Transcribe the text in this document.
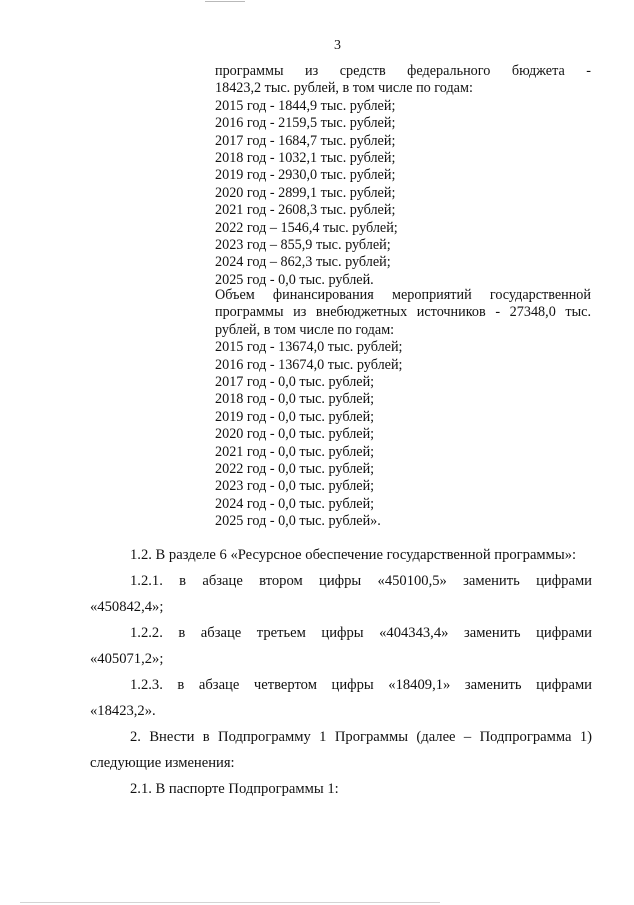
3
программы из средств федерального бюджета -
18423,2 тыс. рублей, в том числе по годам:
2015 год - 1844,9 тыс. рублей;
2016 год - 2159,5 тыс. рублей;
2017 год - 1684,7 тыс. рублей;
2018 год - 1032,1 тыс. рублей;
2019 год - 2930,0 тыс. рублей;
2020 год - 2899,1 тыс. рублей;
2021 год - 2608,3 тыс. рублей;
2022 год – 1546,4 тыс. рублей;
2023 год – 855,9 тыс. рублей;
2024 год – 862,3 тыс. рублей;
2025 год - 0,0 тыс. рублей.
Объем финансирования мероприятий государственной
программы из внебюджетных источников - 27348,0 тыс.
рублей, в том числе по годам:
2015 год - 13674,0 тыс. рублей;
2016 год - 13674,0 тыс. рублей;
2017 год - 0,0 тыс. рублей;
2018 год - 0,0 тыс. рублей;
2019 год - 0,0 тыс. рублей;
2020 год - 0,0 тыс. рублей;
2021 год - 0,0 тыс. рублей;
2022 год - 0,0 тыс. рублей;
2023 год - 0,0 тыс. рублей;
2024 год - 0,0 тыс. рублей;
2025 год - 0,0 тыс. рублей».
1.2. В разделе 6 «Ресурсное обеспечение государственной программы»:
1.2.1. в абзаце втором цифры «450100,5» заменить цифрами
«450842,4»;
1.2.2. в абзаце третьем цифры «404343,4» заменить цифрами
«405071,2»;
1.2.3. в абзаце четвертом цифры «18409,1» заменить цифрами
«18423,2».
2. Внести в Подпрограмму 1 Программы (далее – Подпрограмма 1)
следующие изменения:
2.1. В паспорте Подпрограммы 1:
